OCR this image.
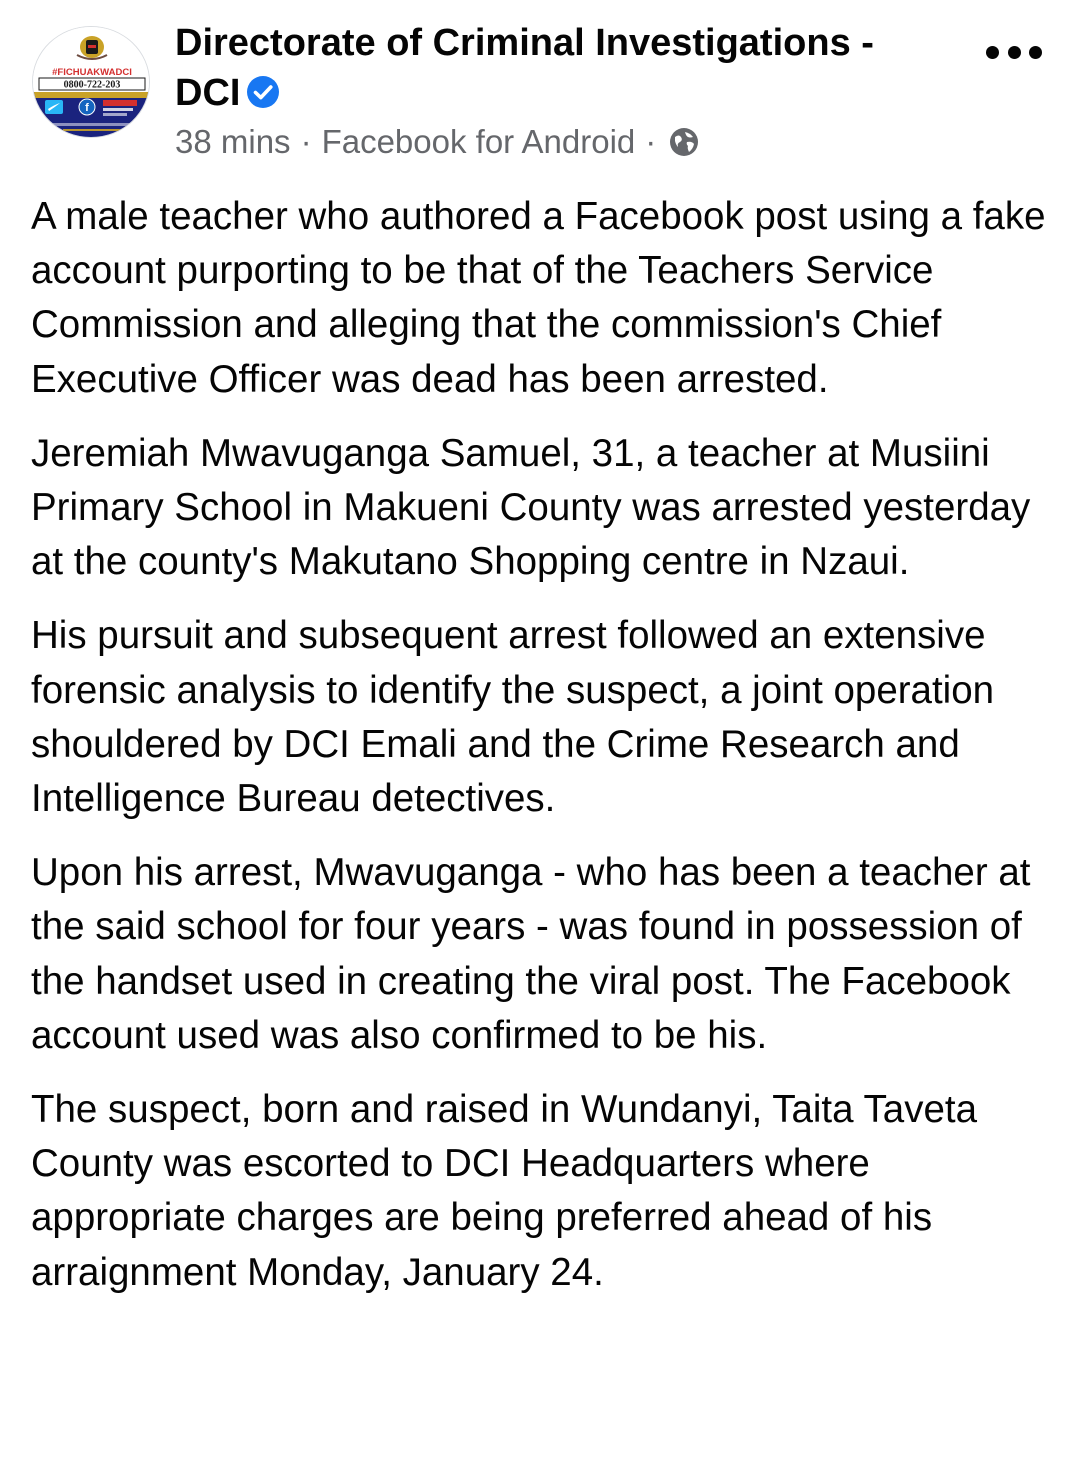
#FICHUAKWADCI
0800-722-203
f
Directorate of Criminal Investigations - DCI
38 mins · Facebook for Android ·

A male teacher who authored a Facebook post using a fake account purporting to be that of the Teachers Service Commission and alleging that the commission's Chief Executive Officer was dead has been arrested.

Jeremiah Mwavuganga Samuel, 31, a teacher at Musiini Primary School in Makueni County was arrested yesterday at the county's Makutano Shopping centre in Nzaui.

His pursuit and subsequent arrest followed an extensive forensic analysis to identify the suspect, a joint operation shouldered by DCI Emali and the Crime Research and Intelligence Bureau detectives.

Upon his arrest, Mwavuganga - who has been a teacher at the said school for four years - was found in possession of the handset used in creating the viral post. The Facebook account used was also confirmed to be his.

The suspect, born and raised in Wundanyi, Taita Taveta County was escorted to DCI Headquarters where appropriate charges are being preferred ahead of his arraignment Monday, January 24.
